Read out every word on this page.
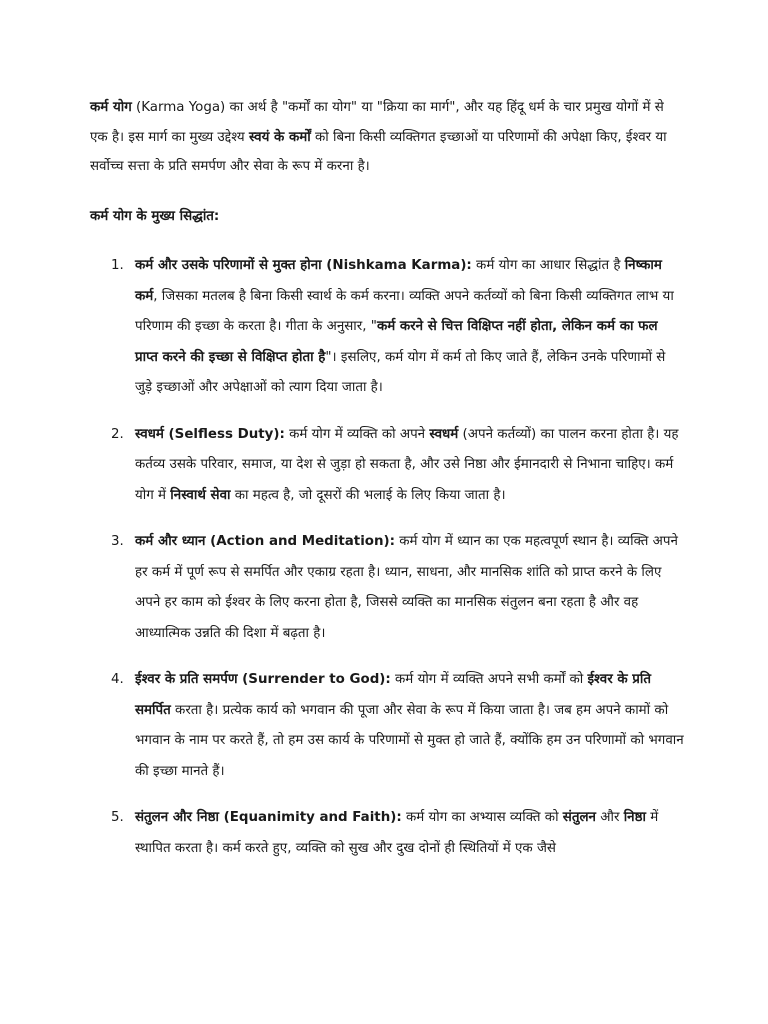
कर्म योग (Karma Yoga) का अर्थ है "कर्मों का योग" या "क्रिया का मार्ग", और यह हिंदू धर्म के चार प्रमुख योगों में से एक है। इस मार्ग का मुख्य उद्देश्य स्वयं के कर्मों को बिना किसी व्यक्तिगत इच्छाओं या परिणामों की अपेक्षा किए, ईश्वर या सर्वोच्च सत्ता के प्रति समर्पण और सेवा के रूप में करना है।

कर्म योग के मुख्य सिद्धांत:

1. कर्म और उसके परिणामों से मुक्त होना (Nishkama Karma): कर्म योग का आधार सिद्धांत है निष्काम कर्म, जिसका मतलब है बिना किसी स्वार्थ के कर्म करना। व्यक्ति अपने कर्तव्यों को बिना किसी व्यक्तिगत लाभ या परिणाम की इच्छा के करता है। गीता के अनुसार, "कर्म करने से चित्त विक्षिप्त नहीं होता, लेकिन कर्म का फल प्राप्त करने की इच्छा से विक्षिप्त होता है"। इसलिए, कर्म योग में कर्म तो किए जाते हैं, लेकिन उनके परिणामों से जुड़े इच्छाओं और अपेक्षाओं को त्याग दिया जाता है।
2. स्वधर्म (Selfless Duty): कर्म योग में व्यक्ति को अपने स्वधर्म (अपने कर्तव्यों) का पालन करना होता है। यह कर्तव्य उसके परिवार, समाज, या देश से जुड़ा हो सकता है, और उसे निष्ठा और ईमानदारी से निभाना चाहिए। कर्म योग में निस्वार्थ सेवा का महत्व है, जो दूसरों की भलाई के लिए किया जाता है।
3. कर्म और ध्यान (Action and Meditation): कर्म योग में ध्यान का एक महत्वपूर्ण स्थान है। व्यक्ति अपने हर कर्म में पूर्ण रूप से समर्पित और एकाग्र रहता है। ध्यान, साधना, और मानसिक शांति को प्राप्त करने के लिए अपने हर काम को ईश्वर के लिए करना होता है, जिससे व्यक्ति का मानसिक संतुलन बना रहता है और वह आध्यात्मिक उन्नति की दिशा में बढ़ता है।
4. ईश्वर के प्रति समर्पण (Surrender to God): कर्म योग में व्यक्ति अपने सभी कर्मों को ईश्वर के प्रति समर्पित करता है। प्रत्येक कार्य को भगवान की पूजा और सेवा के रूप में किया जाता है। जब हम अपने कामों को भगवान के नाम पर करते हैं, तो हम उस कार्य के परिणामों से मुक्त हो जाते हैं, क्योंकि हम उन परिणामों को भगवान की इच्छा मानते हैं।
5. संतुलन और निष्ठा (Equanimity and Faith): कर्म योग का अभ्यास व्यक्ति को संतुलन और निष्ठा में स्थापित करता है। कर्म करते हुए, व्यक्ति को सुख और दुख दोनों ही स्थितियों में एक जैसे
